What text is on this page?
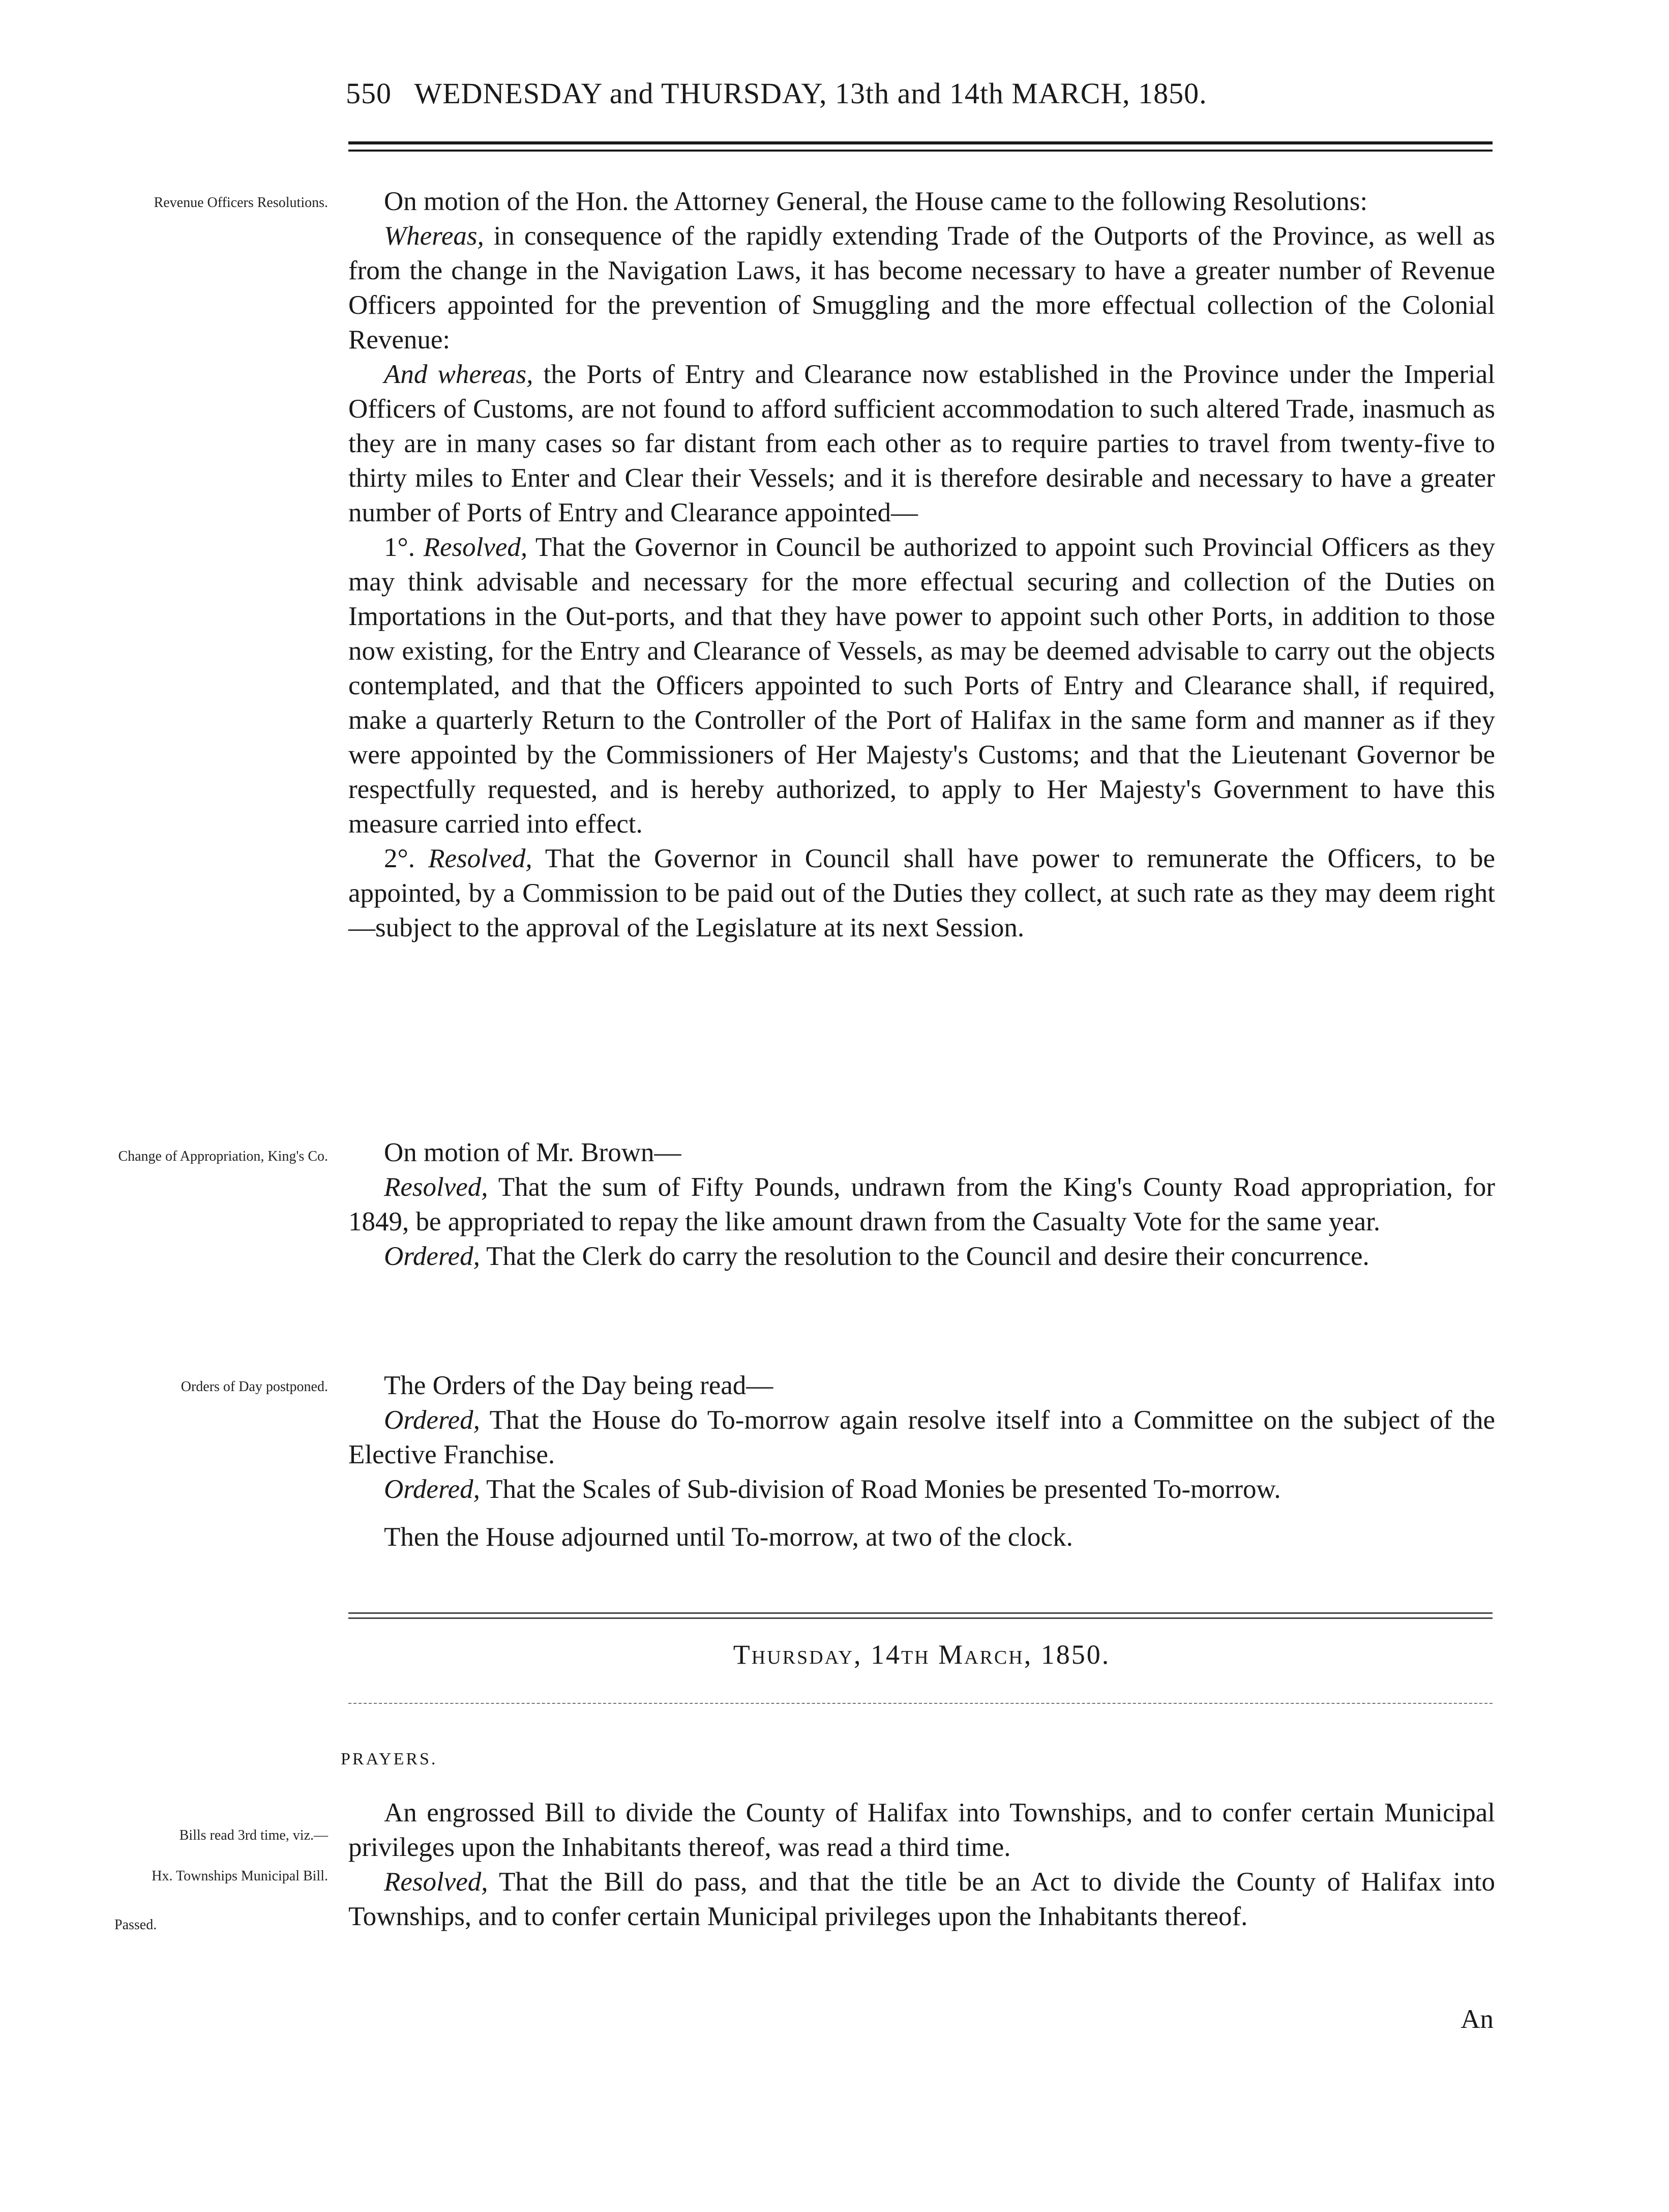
550 WEDNESDAY and THURSDAY, 13th and 14th MARCH, 1850.
Revenue Officers Resolutions.
Change of Appropriation, King's Co.
Orders of Day postponed.
Bills read 3rd time, viz.—
Hx. Townships Municipal Bill.
Passed.

On motion of the Hon. the Attorney General, the House came to the following Resolutions:

Whereas, in consequence of the rapidly extending Trade of the Outports of the Province, as well as from the change in the Navigation Laws, it has become necessary to have a greater number of Revenue Officers appointed for the prevention of Smuggling and the more effectual collection of the Colonial Revenue:

And whereas, the Ports of Entry and Clearance now established in the Province under the Imperial Officers of Customs, are not found to afford sufficient accommodation to such altered Trade, inasmuch as they are in many cases so far distant from each other as to require parties to travel from twenty-five to thirty miles to Enter and Clear their Vessels; and it is therefore desirable and necessary to have a greater number of Ports of Entry and Clearance appointed—

1°. Resolved, That the Governor in Council be authorized to appoint such Provincial Officers as they may think advisable and necessary for the more effectual securing and collection of the Duties on Importations in the Out-ports, and that they have power to appoint such other Ports, in addition to those now existing, for the Entry and Clearance of Vessels, as may be deemed advisable to carry out the objects contemplated, and that the Officers appointed to such Ports of Entry and Clearance shall, if required, make a quarterly Return to the Controller of the Port of Halifax in the same form and manner as if they were appointed by the Commissioners of Her Majesty's Customs; and that the Lieutenant Governor be respectfully requested, and is hereby authorized, to apply to Her Majesty's Government to have this measure carried into effect.

2°. Resolved, That the Governor in Council shall have power to remunerate the Officers, to be appointed, by a Commission to be paid out of the Duties they collect, at such rate as they may deem right—subject to the approval of the Legislature at its next Session.

On motion of Mr. Brown—

Resolved, That the sum of Fifty Pounds, undrawn from the King's County Road appropriation, for 1849, be appropriated to repay the like amount drawn from the Casualty Vote for the same year.

Ordered, That the Clerk do carry the resolution to the Council and desire their concurrence.

The Orders of the Day being read—

Ordered, That the House do To-morrow again resolve itself into a Committee on the subject of the Elective Franchise.

Ordered, That the Scales of Sub-division of Road Monies be presented To-morrow.

Then the House adjourned until To-morrow, at two of the clock.

Thursday, 14th March, 1850.
PRAYERS.

An engrossed Bill to divide the County of Halifax into Townships, and to confer certain Municipal privileges upon the Inhabitants thereof, was read a third time.

Resolved, That the Bill do pass, and that the title be an Act to divide the County of Halifax into Townships, and to confer certain Municipal privileges upon the Inhabitants thereof.

An
